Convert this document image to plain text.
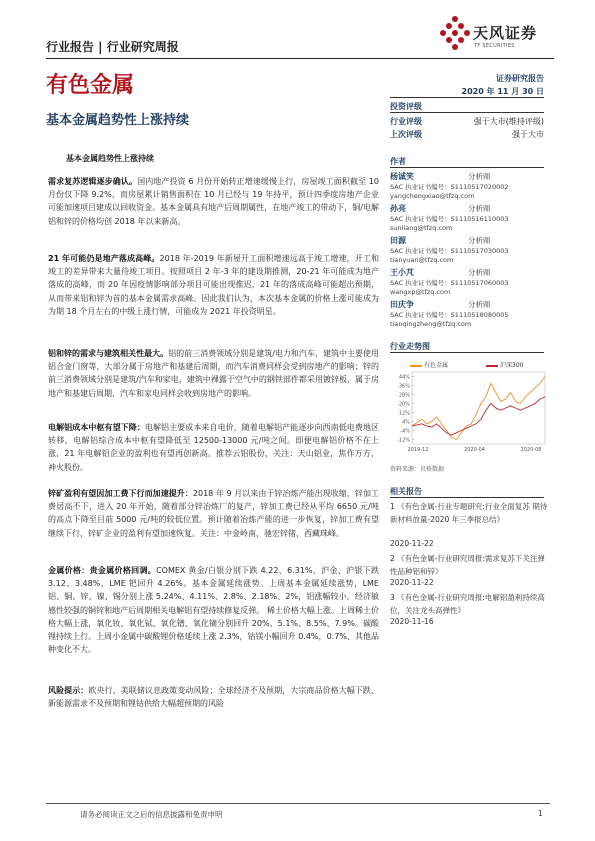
行业报告 | 行业研究周报
天风证券
TF SECURITIES
有色金属
基本金属趋势性上涨持续
证券研究报告
2020 年 11 月 30 日
投资评级
行业评级	强于大市(维持评级)
上次评级	强于大市
作者
杨诚笑	分析师
SAC 执业证书编号：S1110517020002
yangchengxiao@tfzq.com
孙亮	分析师
SAC 执业证书编号：S1110516110003
sunliang@tfzq.com
田源	分析师
SAC 执业证书编号：S1110517030003
tianyuan@tfzq.com
王小芃	分析师
SAC 执业证书编号：S1110517060003
wangxp@tfzq.com
田庆争	分析师
SAC 执业证书编号：S1110518080005
tianqingzheng@tfzq.com
行业走势图
有色金属	沪深300
-12%
-4%
4%
12%
20%
28%
36%
44%
2019-12	2020-04	2020-08
资料来源：贝格数据
相关报告
1 《有色金属-行业专题研究:行业全面复苏 期待新材料放量-2020 年三季报总结》
2020-11-22
2 《有色金属-行业研究周报:需求复苏下关注弹性品种铝和锌》
2020-11-22
3 《有色金属-行业研究周报:电解铝盈利持续高位，关注龙头高弹性》
2020-11-16
基本金属趋势性上涨持续
需求复苏逻辑逐步确认。国内地产投资 6 月份开始转正增速缓慢上行，房屋竣工面积截至 10 月份仅下降 9.2%，而房屋累计销售面积在 10 月已经与 19 年持平，预计四季度房地产企业可能加速项目建成以回收资金。基本金属具有地产后周期属性，在地产竣工的带动下，铜/电解铝和锌的价格均创 2018 年以来新高。
21 年可能仍是地产落成高峰。2018 年-2019 年新屋开工面积增速远高于竣工增速，开工和竣工的差异带来大量待竣工项目。按照项目 2 年-3 年的建设期推测，20-21 年可能成为地产落成的高峰，而 20 年因疫情影响部分项目可能出现推迟，21 年的落成高峰可能超出预期，从而带来铝和锌为首的基本金属需求高峰。因此我们认为，本次基本金属的价格上涨可能成为为期 18 个月左右的中级上涨行情，可能成为 2021 年投资明星。
铝和锌的需求与建筑相关性最大。铝的前三消费领域分别是建筑/电力和汽车，建筑中主要使用铝合金门窗等，大部分属于房地产和基建后周期，而汽车消费同样会受到房地产的影响；锌的前三消费领域分别是建筑/汽车和家电，建筑中裸露于空气中的钢铁部件都采用镀锌板，属于房地产和基建后周期，汽车和家电同样会收到房地产的影响。
电解铝成本中枢有望下降：电解铝主要成本来自电价，随着电解铝产能逐步向西南低电费地区转移，电解铝综合成本中枢有望降低至 12500-13000 元/吨之间。即便电解铝价格不在上涨，21 年电解铝企业的盈利也有望再创新高。推荐云铝股份，关注：天山铝业，焦作万方，神火股份。
锌矿盈利有望因加工费下行而加速提升：2018 年 9 月以来由于锌冶炼产能出现收缩，锌加工费居高不下，进入 20 年开始，随着部分锌冶炼厂的复产，锌加工费已经从平均 6650 元/吨的高点下降至目前 5000 元/吨的较低位置。预计随着冶炼产能的进一步恢复，锌加工费有望继续下行，锌矿企业的盈利有望加速恢复。关注：中金岭南，驰宏锌锗，西藏珠峰。
金属价格：贵金属价格回调。COMEX 黄金/白银分别下跌 4.22、6.31%，沪金、沪银下跌 3.12、3.48%，LME 钯回升 4.26%。基本金属延续涨势。上周基本金属延续涨势，LME 铝、铜、锌、镍、锡分别上涨 5.24%、4.11%、2.8%、2.18%、2%，铝涨幅较小。经济敏感性较强的铜锌和地产后周期相关电解铝有望持续修复反弹。 稀土价格大幅上涨。上周稀土价格大幅上涨，氧化钕、氧化铽、氧化镨、氧化镝分别回升 20%、5.1%、8.5%、7.9%。碳酸锂持续上行。上周小金属中碳酸锂价格延续上涨 2.3%，钴镁小幅回升 0.4%，0.7%、其他品种变化不大。
风险提示：欧央行、美联储议息政策变动风险；全球经济不及预期，大宗商品价格大幅下跌、新能源需求不及预期和锂钴供给大幅超预期的风险
请务必阅读正文之后的信息披露和免责申明	1
